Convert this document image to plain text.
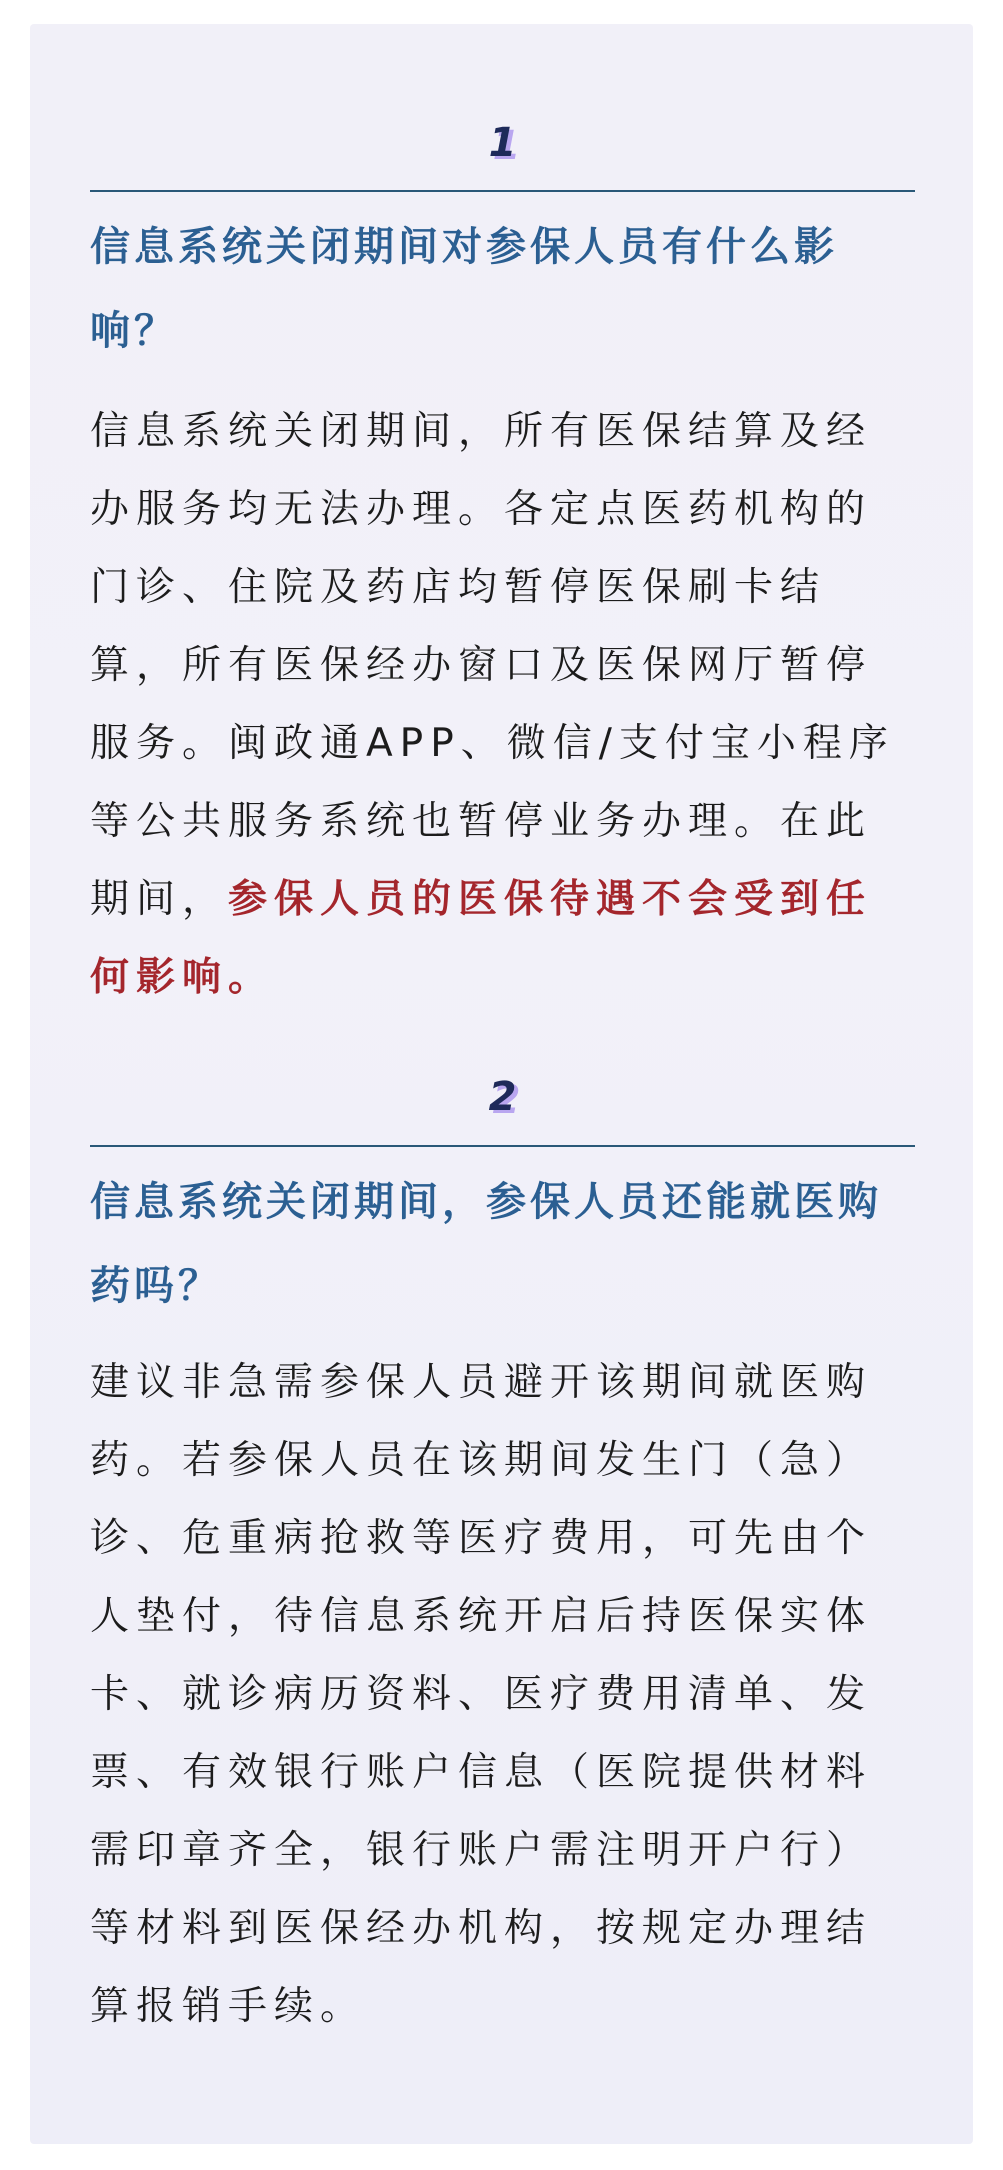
1
信息系统关闭期间对参保人员有什么影响？
信息系统关闭期间，所有医保结算及经办服务均无法办理。各定点医药机构的门诊、住院及药店均暂停医保刷卡结算，所有医保经办窗口及医保网厅暂停服务。闽政通APP、微信/支付宝小程序等公共服务系统也暂停业务办理。在此期间，参保人员的医保待遇不会受到任何影响。
2
信息系统关闭期间，参保人员还能就医购药吗？
建议非急需参保人员避开该期间就医购药。若参保人员在该期间发生门（急）诊、危重病抢救等医疗费用，可先由个人垫付，待信息系统开启后持医保实体卡、就诊病历资料、医疗费用清单、发票、有效银行账户信息（医院提供材料需印章齐全，银行账户需注明开户行）等材料到医保经办机构，按规定办理结算报销手续。
